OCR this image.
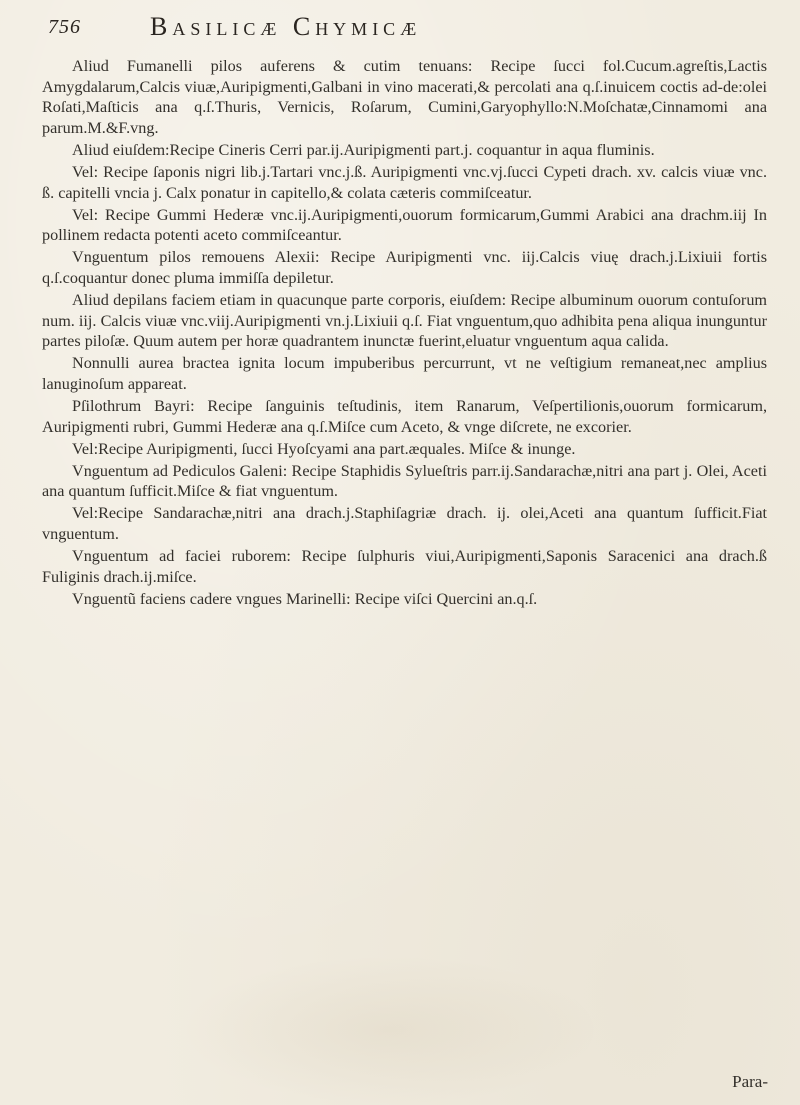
756	Basilicæ Chymicæ

Aliud Fumanelli pilos auferens & cutim tenuans: Recipe ſucci fol.Cucum.agreſtis,Lactis Amygdalarum,Calcis viuæ,Auripigmenti,Galbani in vino macerati,& percolati ana q.ſ.inuicem coctis ad-de:olei Roſati,Maſticis ana q.ſ.Thuris, Vernicis, Roſarum, Cumini,Garyophyllo:N.Moſchatæ,Cinnamomi ana parum.M.&F.vng.

Aliud eiuſdem:Recipe Cineris Cerri par.ij.Auripigmenti part.j. coquantur in aqua fluminis.

Vel: Recipe ſaponis nigri lib.j.Tartari vnc.j.ß. Auripigmenti vnc.vj.ſucci Cypeti drach. xv. calcis viuæ vnc. ß. capitelli vncia j. Calx ponatur in capitello,& colata cæteris commiſceatur.

Vel: Recipe Gummi Hederæ vnc.ij.Auripigmenti,ouorum formicarum,Gummi Arabici ana drachm.iij In pollinem redacta potenti aceto commiſceantur.

Vnguentum pilos remouens Alexii: Recipe Auripigmenti vnc. iij.Calcis viuę drach.j.Lixiuii fortis q.ſ.coquantur donec pluma immiſſa depiletur.

Aliud depilans faciem etiam in quacunque parte corporis, eiuſdem: Recipe albuminum ouorum contuſorum num. iij. Calcis viuæ vnc.viij.Auripigmenti vn.j.Lixiuii q.ſ. Fiat vnguentum,quo adhibita pena aliqua inunguntur partes piloſæ. Quum autem per horæ quadrantem inunctæ fuerint,eluatur vnguentum aqua calida.

Nonnulli aurea bractea ignita locum impuberibus percurrunt, vt ne veſtigium remaneat,nec amplius lanuginoſum appareat.

Pſilothrum Bayri: Recipe ſanguinis teſtudinis, item Ranarum, Veſpertilionis,ouorum formicarum, Auripigmenti rubri, Gummi Hederæ ana q.ſ.Miſce cum Aceto, & vnge diſcrete, ne excorier.

Vel:Recipe Auripigmenti, ſucci Hyoſcyami ana part.æquales. Miſce & inunge.

Vnguentum ad Pediculos Galeni: Recipe Staphidis Sylueſtris parr.ij.Sandarachæ,nitri ana part j. Olei, Aceti ana quantum ſufficit.Miſce & fiat vnguentum.

Vel:Recipe Sandarachæ,nitri ana drach.j.Staphiſagriæ drach. ij. olei,Aceti ana quantum ſufficit.Fiat vnguentum.

Vnguentum ad faciei ruborem: Recipe ſulphuris viui,Auripigmenti,Saponis Saracenici ana drach.ß Fuliginis drach.ij.miſce.

Vnguentũ faciens cadere vngues Marinelli: Recipe viſci Quercini an.q.ſ.

Para-
